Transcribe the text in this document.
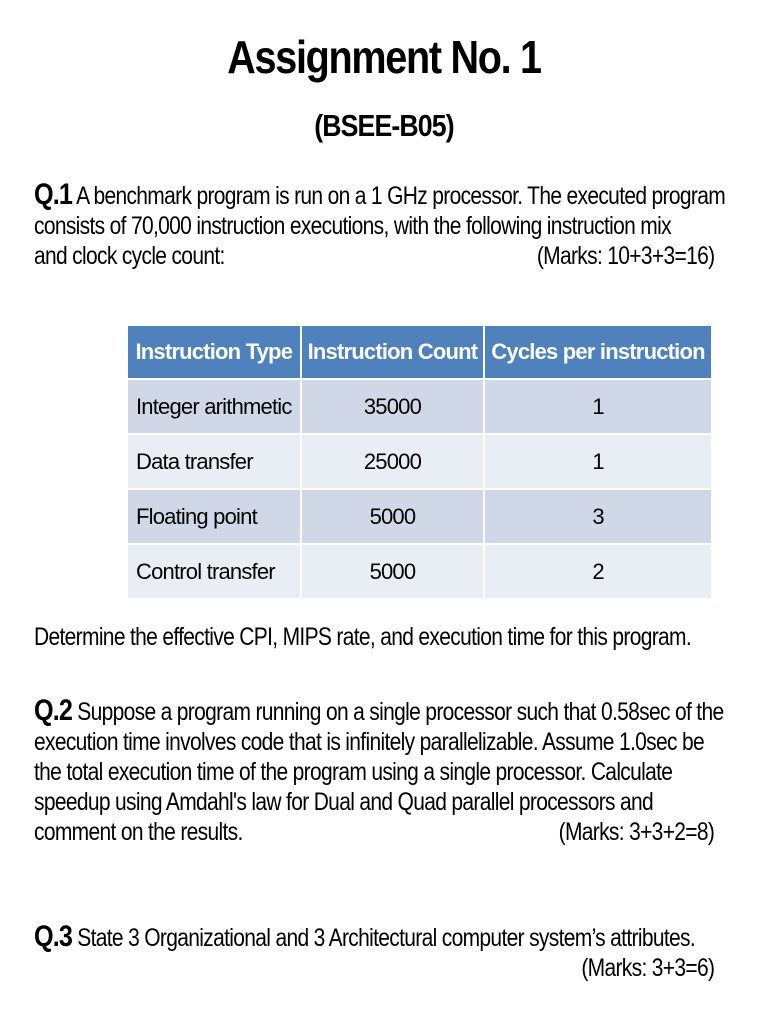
Assignment No. 1
(BSEE-B05)
Q.1 A benchmark program is run on a 1 GHz processor. The executed program
consists of 70,000 instruction executions, with the following instruction mix
and clock cycle count:	(Marks: 10+3+3=16)
Instruction Type	Instruction Count	Cycles per instruction
Integer arithmetic	35000	1
Data transfer	25000	1
Floating point	5000	3
Control transfer	5000	2
Determine the effective CPI, MIPS rate, and execution time for this program.
Q.2 Suppose a program running on a single processor such that 0.58sec of the
execution time involves code that is infinitely parallelizable. Assume 1.0sec be
the total execution time of the program using a single processor. Calculate
speedup using Amdahl's law for Dual and Quad parallel processors and
comment on the results.	(Marks: 3+3+2=8)
Q.3 State 3 Organizational and 3 Architectural computer system’s attributes.
(Marks: 3+3=6)
